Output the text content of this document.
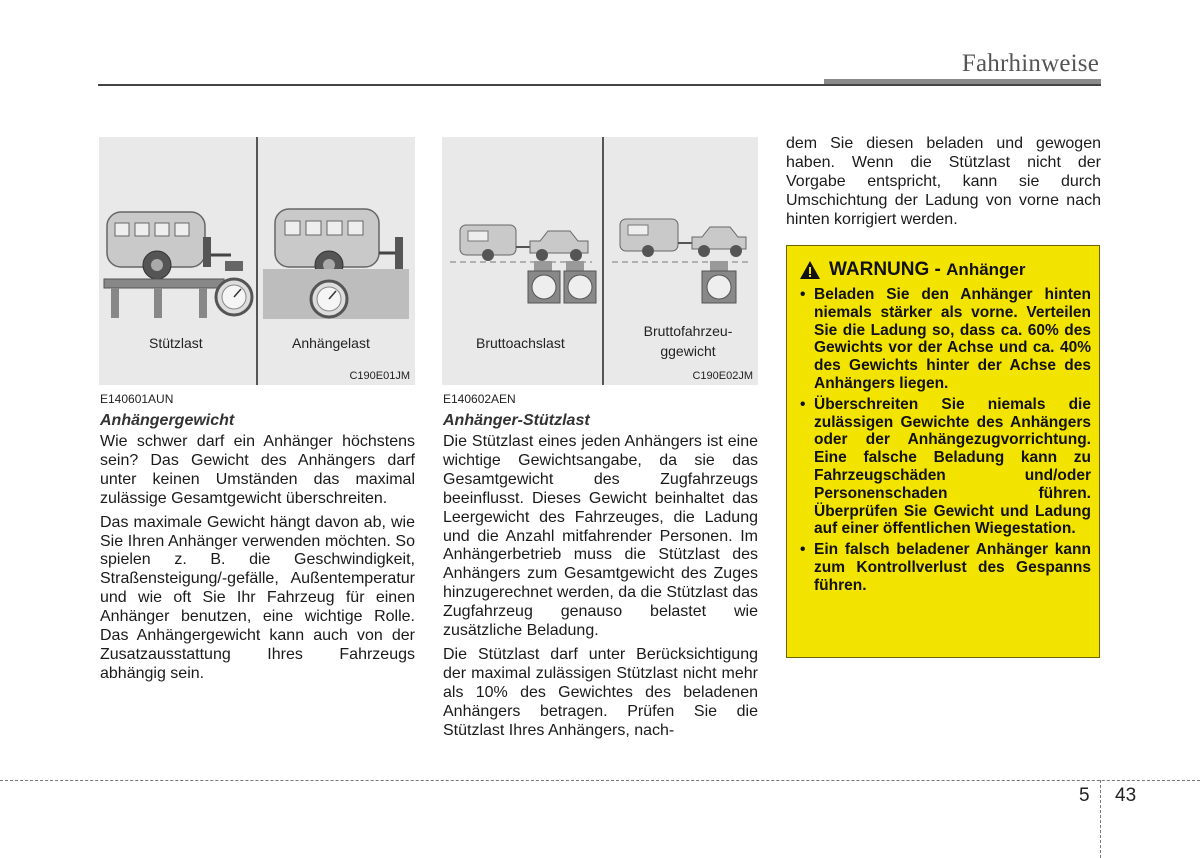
Fahrhinweise
Stützlast	Anhängelast
C190E01JM
Bruttoachslast
Bruttofahrzeu-
ggewicht
C190E02JM
E140601AUN
Anhängergewicht

Wie schwer darf ein Anhänger höchstens sein? Das Gewicht des Anhängers darf unter keinen Umständen das maximal zulässige Gesamtgewicht überschreiten.

Das maximale Gewicht hängt davon ab, wie Sie Ihren Anhänger verwenden möchten. So spielen z. B. die Geschwindigkeit, Straßensteigung/-gefälle, Außentemperatur und wie oft Sie Ihr Fahrzeug für einen Anhänger benutzen, eine wichtige Rolle. Das Anhängergewicht kann auch von der Zusatzausstattung Ihres Fahrzeugs abhängig sein.

E140602AEN
Anhänger-Stützlast

Die Stützlast eines jeden Anhängers ist eine wichtige Gewichtsangabe, da sie das Gesamtgewicht des Zugfahrzeugs beeinflusst. Dieses Gewicht beinhaltet das Leergewicht des Fahrzeuges, die Ladung und die Anzahl mitfahrender Personen. Im Anhängerbetrieb muss die Stützlast des Anhängers zum Gesamtgewicht des Zuges hinzugerechnet werden, da die Stützlast das Zugfahrzeug genauso belastet wie zusätzliche Beladung.

Die Stützlast darf unter Berücksichtigung der maximal zulässigen Stützlast nicht mehr als 10% des Gewichtes des beladenen Anhängers betragen. Prüfen Sie die Stützlast Ihres Anhängers, nach-

dem Sie diesen beladen und gewogen haben. Wenn die Stützlast nicht der Vorgabe entspricht, kann sie durch Umschichtung der Ladung von vorne nach hinten korrigiert werden.

WARNUNG - Anhänger
• Beladen Sie den Anhänger hinten niemals stärker als vorne. Verteilen Sie die Ladung so, dass ca. 60% des Gewichts vor der Achse und ca. 40% des Gewichts hinter der Achse des Anhängers liegen.
• Überschreiten Sie niemals die zulässigen Gewichte des Anhängers oder der Anhängezugvorrichtung. Eine falsche Beladung kann zu Fahrzeugschäden und/oder Personenschaden führen. Überprüfen Sie Gewicht und Ladung auf einer öffentlichen Wiegestation.
• Ein falsch beladener Anhänger kann zum Kontrollverlust des Gespanns führen.
5 43
